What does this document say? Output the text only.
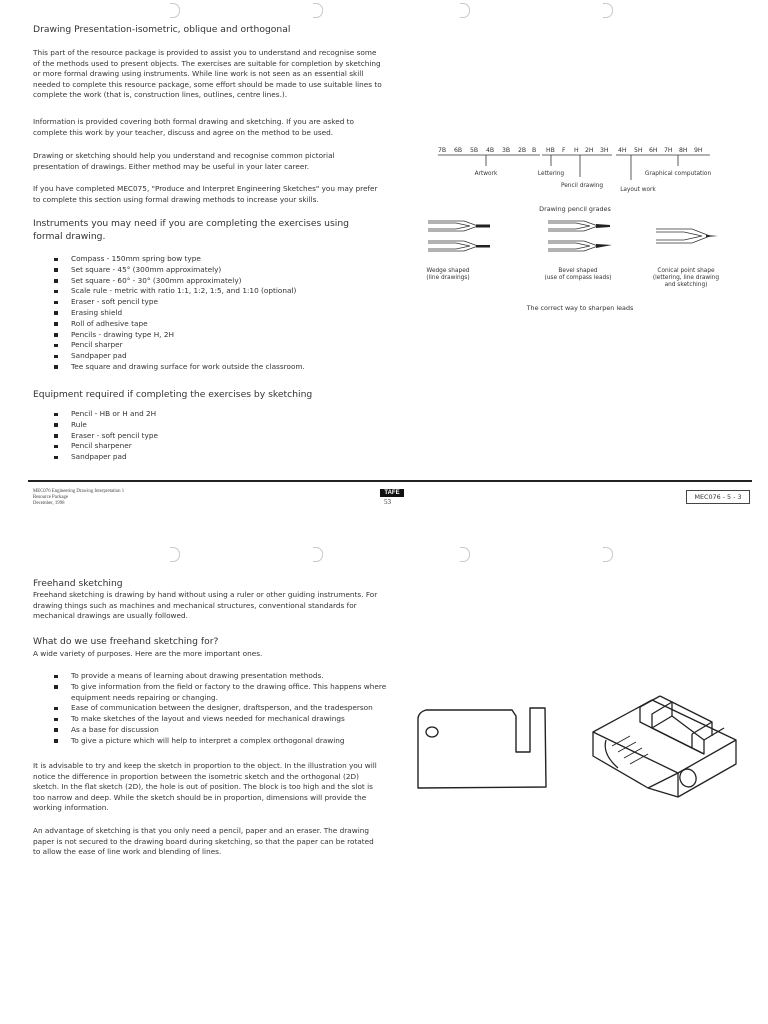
Drawing Presentation-isometric, oblique and orthogonal
This part of the resource package is provided to assist you to understand and recognise some of the methods used to present objects. The exercises are suitable for completion by sketching or more formal drawing using instruments. While line work is not seen as an essential skill needed to complete this resource package, some effort should be made to use suitable lines to complete the work (that is, construction lines, outlines, centre lines.).
Information is provided covering both formal drawing and sketching. If you are asked to complete this work by your teacher, discuss and agree on the method to be used.
Drawing or sketching should help you understand and recognise common pictorial presentation of drawings. Either method may be useful in your later career.
If you have completed MEC075, "Produce and Interpret Engineering Sketches" you may prefer to complete this section using formal drawing methods to increase your skills.
Instruments you may need if you are completing the exercises using formal drawing.
Compass - 150mm spring bow type
Set square - 45° (300mm approximately)
Set square - 60° - 30° (300mm approximately)
Scale rule - metric with ratio 1:1, 1:2, 1:5, and 1:10 (optional)
Eraser - soft pencil type
Erasing shield
Roll of adhesive tape
Pencils - drawing type H, 2H
Pencil sharper
Sandpaper pad
Tee square and drawing surface for work outside the classroom.
Equipment required if completing the exercises by sketching
Pencil - HB or H and 2H
Rule
Eraser - soft pencil type
Pencil sharpener
Sandpaper pad
7B 6B 5B 4B 3B 2B B HB F H 2H 3H 4H 5H 6H 7H 8H 9H
Artwork	Lettering
Pencil drawing
Layout work
Graphical computation
Drawing pencil grades
Wedge shaped
(line drawings)
Bevel shaped
(use of compass leads)
Conical point shape
(lettering, line drawing
and sketching)
The correct way to sharpen leads
MEC076 Engineering Drawing Interpretation 1
Resource Package
December, 1998
TAFE
53
MEC076 - 5 - 3
Freehand sketching
Freehand sketching is drawing by hand without using a ruler or other guiding instruments. For drawing things such as machines and mechanical structures, conventional standards for mechanical drawings are usually followed.
What do we use freehand sketching for?
A wide variety of purposes. Here are the more important ones.
To provide a means of learning about drawing presentation methods.
To give information from the field or factory to the drawing office. This happens where equipment needs repairing or changing.
Ease of communication between the designer, draftsperson, and the tradesperson
To make sketches of the layout and views needed for mechanical drawings
As a base for discussion
To give a picture which will help to interpret a complex orthogonal drawing
It is advisable to try and keep the sketch in proportion to the object. In the illustration you will notice the difference in proportion between the isometric sketch and the orthogonal (2D) sketch. In the flat sketch (2D), the hole is out of position. The block is too high and the slot is too narrow and deep. While the sketch should be in proportion, dimensions will provide the working information.
An advantage of sketching is that you only need a pencil, paper and an eraser. The drawing paper is not secured to the drawing board during sketching, so that the paper can be rotated to allow the ease of line work and blending of lines.
